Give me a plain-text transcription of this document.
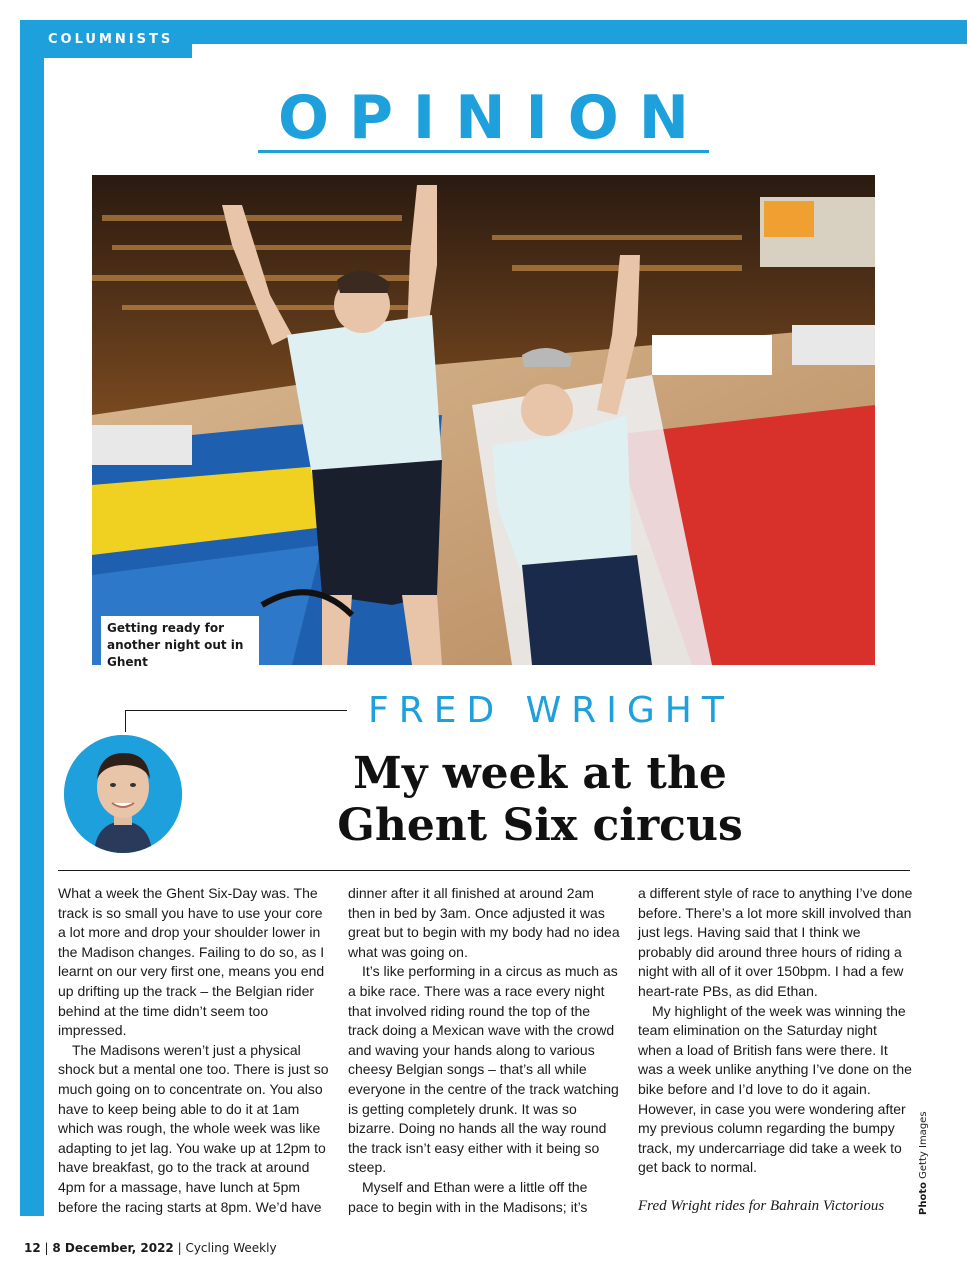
COLUMNISTS
OPINION
Getting ready for another night out in Ghent
FRED WRIGHT
My week at the Ghent Six circus

What a week the Ghent Six-Day was. The track is so small you have to use your core a lot more and drop your shoulder lower in the Madison changes. Failing to do so, as I learnt on our very first one, means you end up drifting up the track – the Belgian rider behind at the time didn’t seem too impressed.

The Madisons weren’t just a physical shock but a mental one too. There is just so much going on to concentrate on. You also have to keep being able to do it at 1am which was rough, the whole week was like adapting to jet lag. You wake up at 12pm to have breakfast, go to the track at around 4pm for a massage, have lunch at 5pm before the racing starts at 8pm. We’d have

dinner after it all finished at around 2am then in bed by 3am. Once adjusted it was great but to begin with my body had no idea what was going on.

It’s like performing in a circus as much as a bike race. There was a race every night that involved riding round the top of the track doing a Mexican wave with the crowd and waving your hands along to various cheesy Belgian songs – that’s all while everyone in the centre of the track watching is getting completely drunk. It was so bizarre. Doing no hands all the way round the track isn’t easy either with it being so steep.

Myself and Ethan were a little off the pace to begin with in the Madisons; it’s

a different style of race to anything I’ve done before. There’s a lot more skill involved than just legs. Having said that I think we probably did around three hours of riding a night with all of it over 150bpm. I had a few heart-rate PBs, as did Ethan.

My highlight of the week was winning the team elimination on the Saturday night when a load of British fans were there. It was a week unlike anything I’ve done on the bike before and I’d love to do it again. However, in case you were wondering after my previous column regarding the bumpy track, my undercarriage did take a week to get back to normal.

Fred Wright rides for Bahrain Victorious	Photo Getty Images
12 | 8 December, 2022 | Cycling Weekly
